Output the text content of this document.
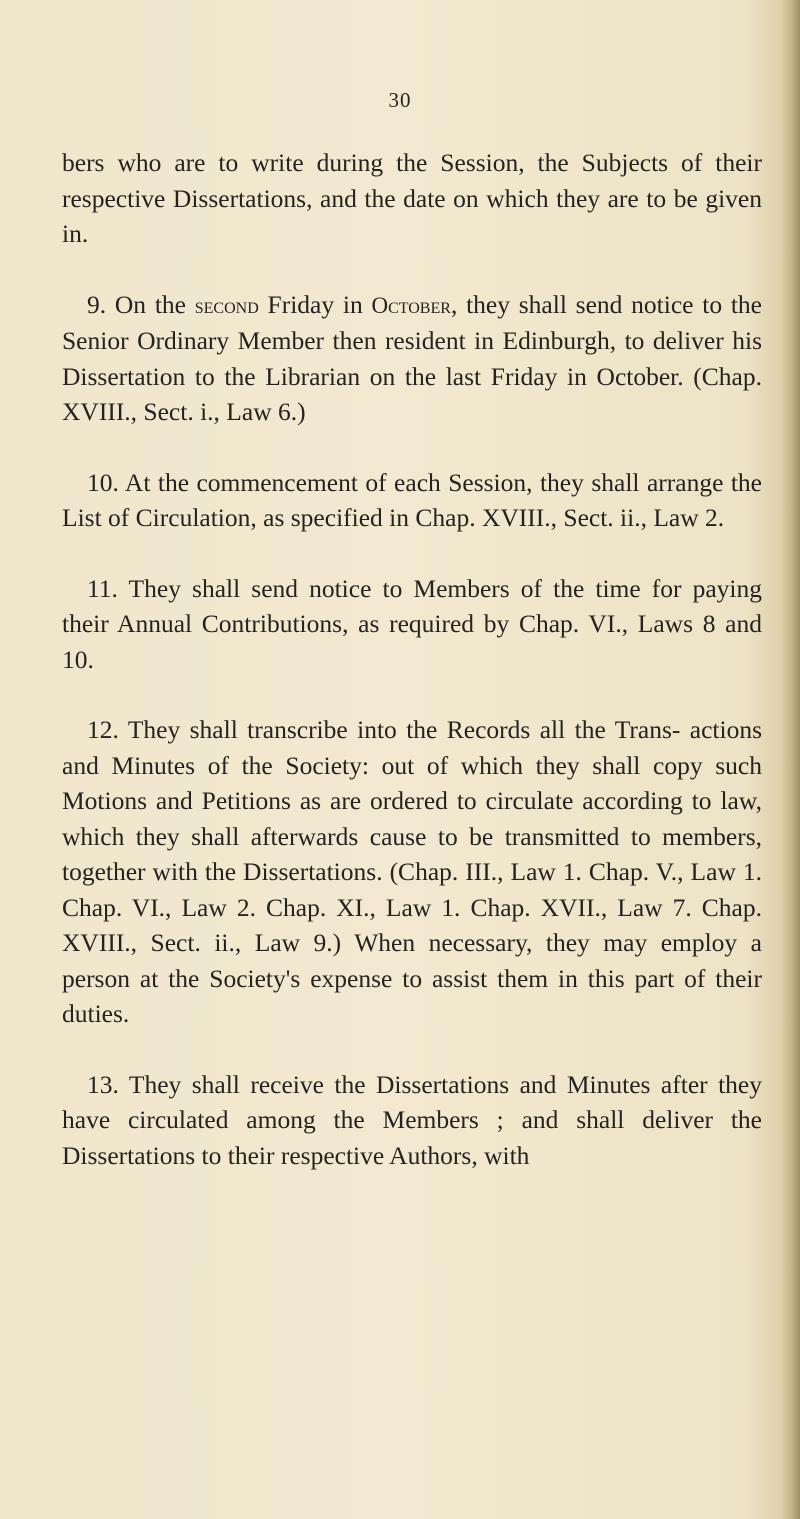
30

bers who are to write during the Session, the Subjects of their respective Dissertations, and the date on which they are to be given in.

9. On the second Friday in October, they shall send notice to the Senior Ordinary Member then resident in Edinburgh, to deliver his Dissertation to the Librarian on the last Friday in October. (Chap. XVIII., Sect. i., Law 6.)

10. At the commencement of each Session, they shall arrange the List of Circulation, as specified in Chap. XVIII., Sect. ii., Law 2.

11. They shall send notice to Members of the time for paying their Annual Contributions, as required by Chap. VI., Laws 8 and 10.

12. They shall transcribe into the Records all the Trans- actions and Minutes of the Society: out of which they shall copy such Motions and Petitions as are ordered to circulate according to law, which they shall afterwards cause to be transmitted to members, together with the Dissertations. (Chap. III., Law 1. Chap. V., Law 1. Chap. VI., Law 2. Chap. XI., Law 1. Chap. XVII., Law 7. Chap. XVIII., Sect. ii., Law 9.) When necessary, they may employ a person at the Society's expense to assist them in this part of their duties.

13. They shall receive the Dissertations and Minutes after they have circulated among the Members ; and shall deliver the Dissertations to their respective Authors, with
